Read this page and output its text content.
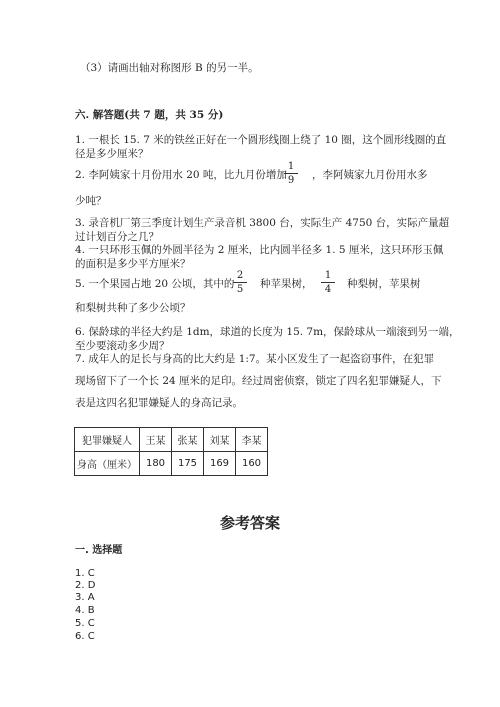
（3）请画出轴对称图形 B 的另一半。
六. 解答题(共 7 题，共 35 分)
1. 一根长 15. 7 米的铁丝正好在一个圆形线圈上绕了 10 圈，这个圆形线圈的直
径是多少厘米？
2. 李阿姨家十月份用水 20 吨，比九月份增加
1
9	，李阿姨家九月份用水多
少吨？
3. 录音机厂第三季度计划生产录音机 3800 台，实际生产 4750 台，实际产量超
过计划百分之几？
4. 一只环形玉佩的外圆半径为 2 厘米，比内圆半径多 1. 5 厘米，这只环形玉佩
的面积是多少平方厘米？
5. 一个果园占地 20 公顷，其中的
2
5	种苹果树，
1
4	种梨树，苹果树
和梨树共种了多少公顷？
6. 保龄球的半径大约是 1dm，球道的长度为 15. 7m，保龄球从一端滚到另一端，
至少要滚动多少周？
7. 成年人的足长与身高的比大约是 1:7。某小区发生了一起盗窃事件，在犯罪
现场留下了一个长 24 厘米的足印。经过周密侦察，锁定了四名犯罪嫌疑人，下
表是这四名犯罪嫌疑人的身高记录。
犯罪嫌疑人	王某	张某	刘某	李某
身高（厘米）	180	175	169	160
参考答案
一. 选择题
1. C
2. D
3. A
4. B
5. C
6. C
